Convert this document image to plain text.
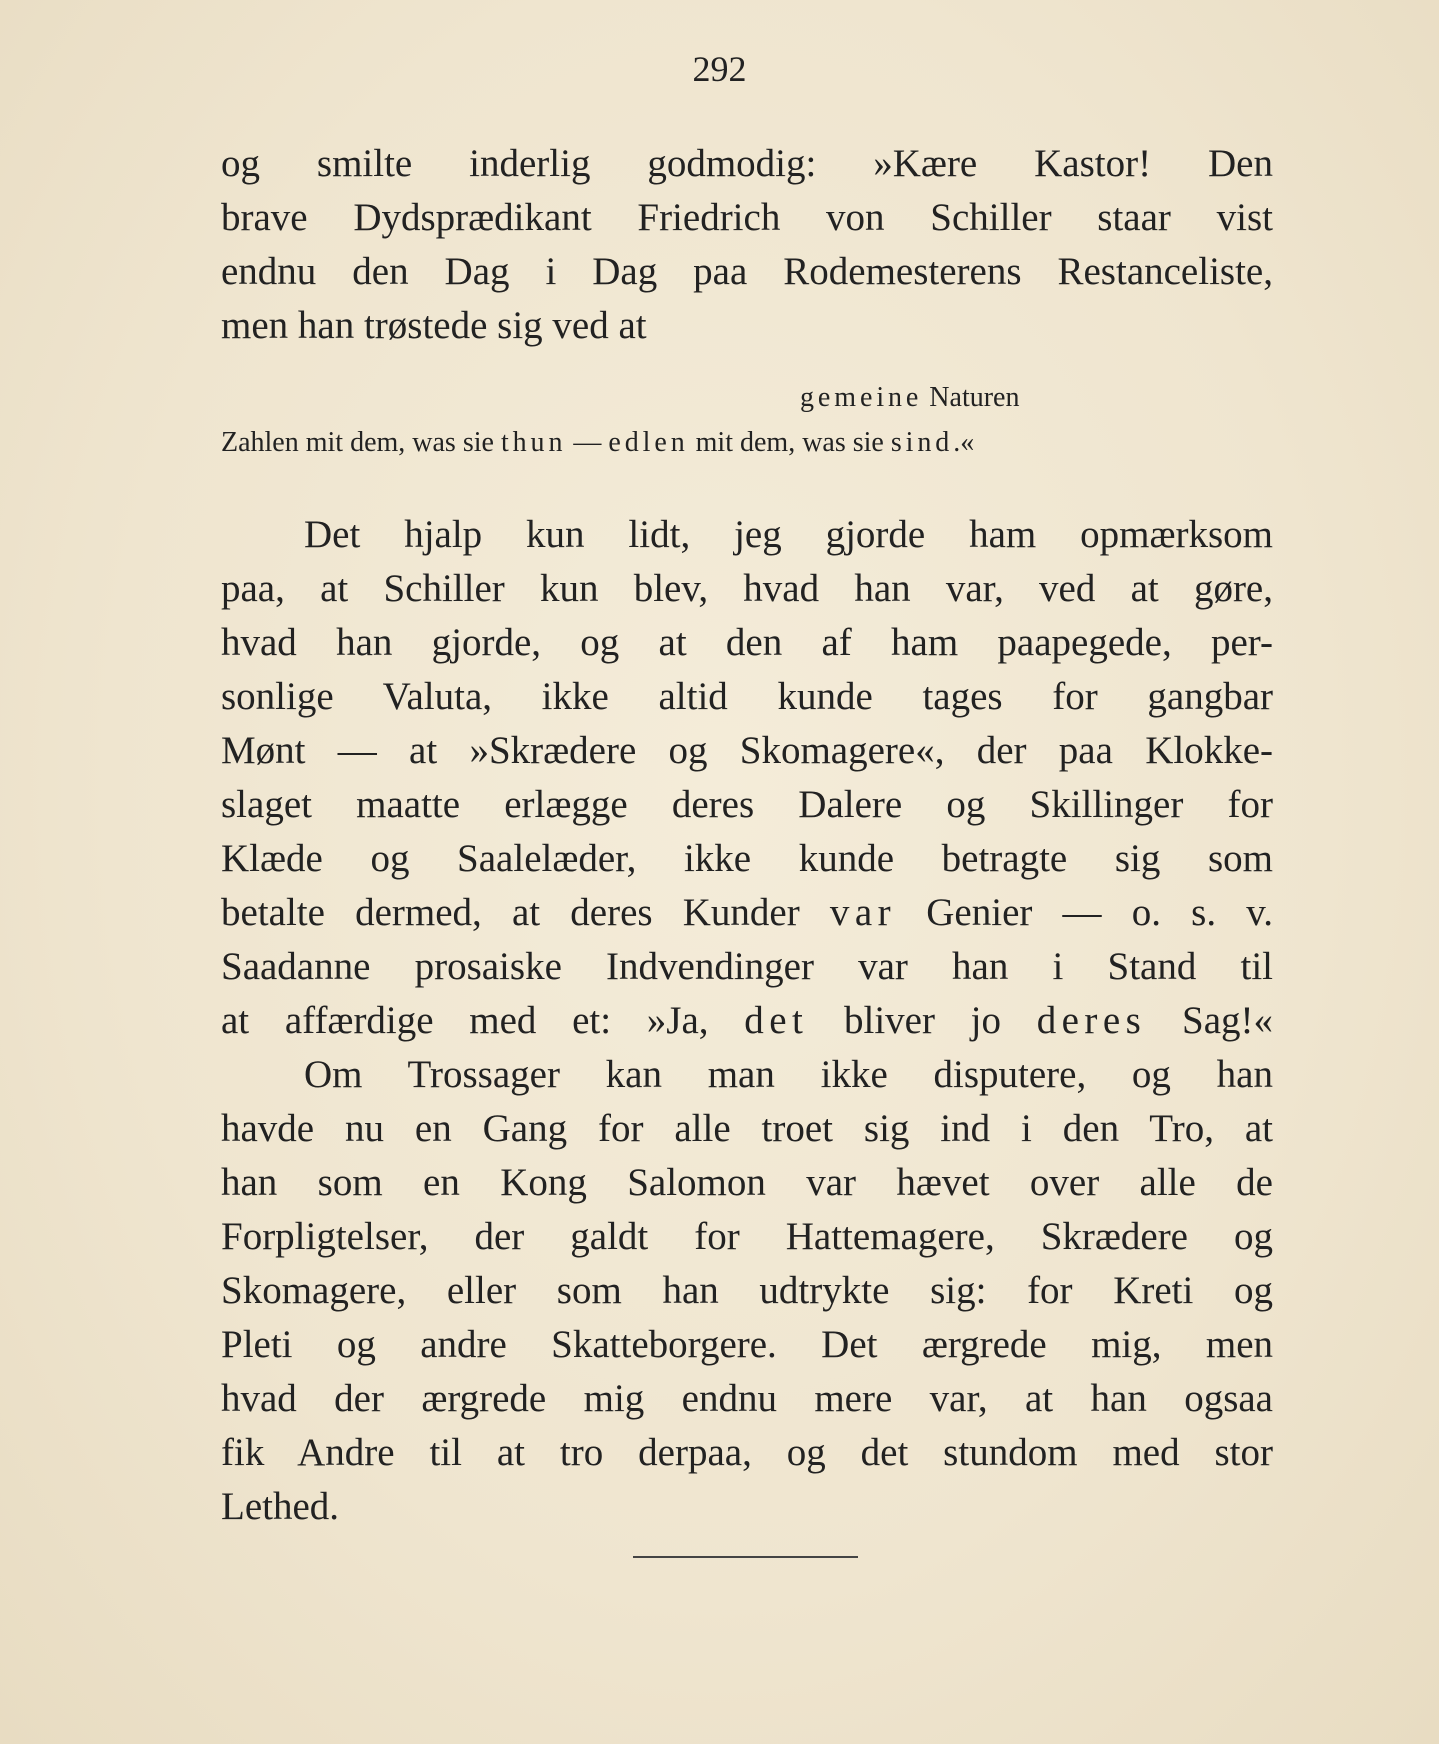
292
og smilte inderlig godmodig: »Kære Kastor! Den
brave Dydsprædikant Friedrich von Schiller staar vist
endnu den Dag i Dag paa Rodemesterens Restanceliste,
men han trøstede sig ved at
gemeine Naturen
Zahlen mit dem, was sie thun — edlen mit dem, was sie sind.«
Det hjalp kun lidt, jeg gjorde ham opmærksom
paa, at Schiller kun blev, hvad han var, ved at gøre,
hvad han gjorde, og at den af ham paapegede, per-
sonlige Valuta, ikke altid kunde tages for gangbar
Mønt — at »Skrædere og Skomagere«, der paa Klokke-
slaget maatte erlægge deres Dalere og Skillinger for
Klæde og Saalelæder, ikke kunde betragte sig som
betalte dermed, at deres Kunder var Genier — o. s. v.
Saadanne prosaiske Indvendinger var han i Stand til
at affærdige med et: »Ja, det bliver jo deres Sag!«
Om Trossager kan man ikke disputere, og han
havde nu en Gang for alle troet sig ind i den Tro, at
han som en Kong Salomon var hævet over alle de
Forpligtelser, der galdt for Hattemagere, Skrædere og
Skomagere, eller som han udtrykte sig: for Kreti og
Pleti og andre Skatteborgere. Det ærgrede mig, men
hvad der ærgrede mig endnu mere var, at han ogsaa
fik Andre til at tro derpaa, og det stundom med stor
Lethed.
